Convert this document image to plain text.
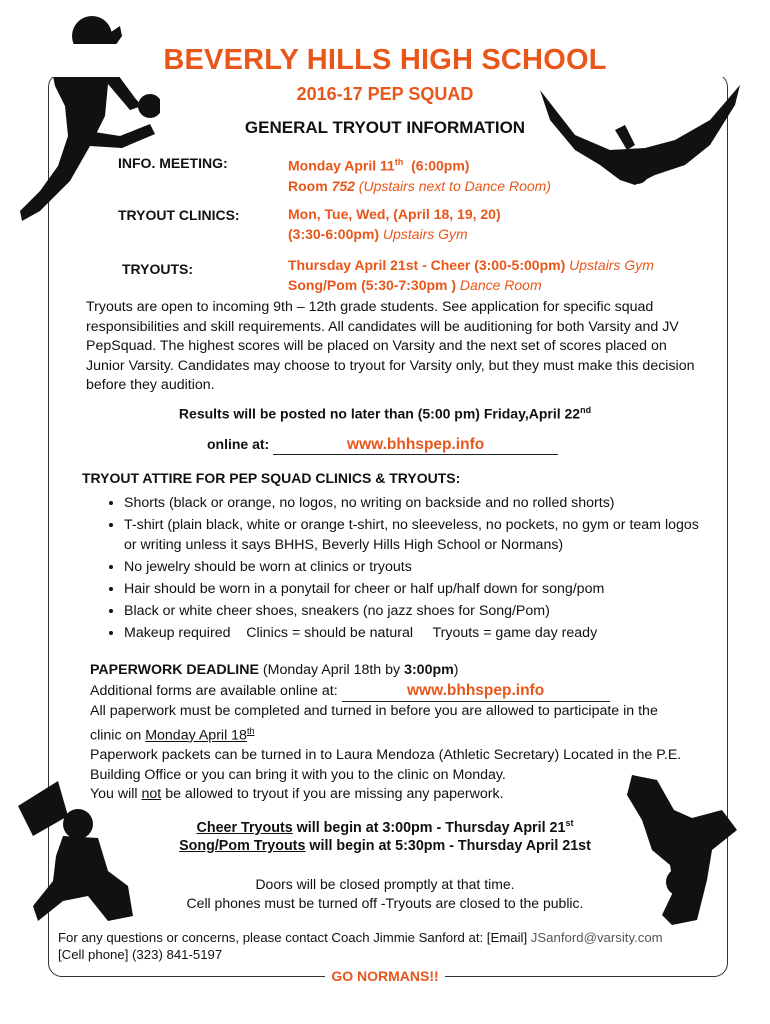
BEVERLY HILLS HIGH SCHOOL
2016-17 PEP SQUAD
GENERAL TRYOUT INFORMATION
INFO. MEETING:	Monday April 11th  (6:00pm)
Room 752 (Upstairs next to Dance Room)
TRYOUT CLINICS:	Mon, Tue, Wed, (April 18, 19, 20)
(3:30-6:00pm) Upstairs Gym
TRYOUTS:	Thursday April 21st - Cheer (3:00-5:00pm) Upstairs Gym
Song/Pom (5:30-7:30pm ) Dance Room
Tryouts are open to incoming 9th – 12th grade students. See application for specific squad responsibilities and skill requirements. All candidates will be auditioning for both Varsity and JV PepSquad. The highest scores will be placed on Varsity and the next set of scores placed on Junior Varsity. Candidates may choose to tryout for Varsity only, but they must make this decision before they audition.
Results will be posted no later than (5:00 pm) Friday,April 22nd
online at:	www.bhhspep.info
TRYOUT ATTIRE FOR PEP SQUAD CLINICS & TRYOUTS:
• Shorts (black or orange, no logos, no writing on backside and no rolled shorts)
• T-shirt (plain black, white or orange t-shirt, no sleeveless, no pockets, no gym or team logos or writing unless it says BHHS, Beverly Hills High School or Normans)
• No jewelry should be worn at clinics or tryouts
• Hair should be worn in a ponytail for cheer or half up/half down for song/pom
• Black or white cheer shoes, sneakers (no jazz shoes for Song/Pom)
• Makeup required    Clinics = should be natural     Tryouts = game day ready
PAPERWORK DEADLINE (Monday April 18th by 3:00pm)
Additional forms are available online at:	www.bhhspep.info
All paperwork must be completed and turned in before you are allowed to participate in the clinic on Monday April 18th
Paperwork packets can be turned in to Laura Mendoza (Athletic Secretary) Located in the P.E. Building Office or you can bring it with you to the clinic on Monday.
You will not be allowed to tryout if you are missing any paperwork.
Cheer Tryouts will begin at 3:00pm - Thursday April 21st
Song/Pom Tryouts will begin at 5:30pm - Thursday April 21st
Doors will be closed promptly at that time.
Cell phones must be turned off -Tryouts are closed to the public.
For any questions or concerns, please contact Coach Jimmie Sanford at: [Email] JSanford@varsity.com
[Cell phone] (323) 841-5197
GO NORMANS!!
